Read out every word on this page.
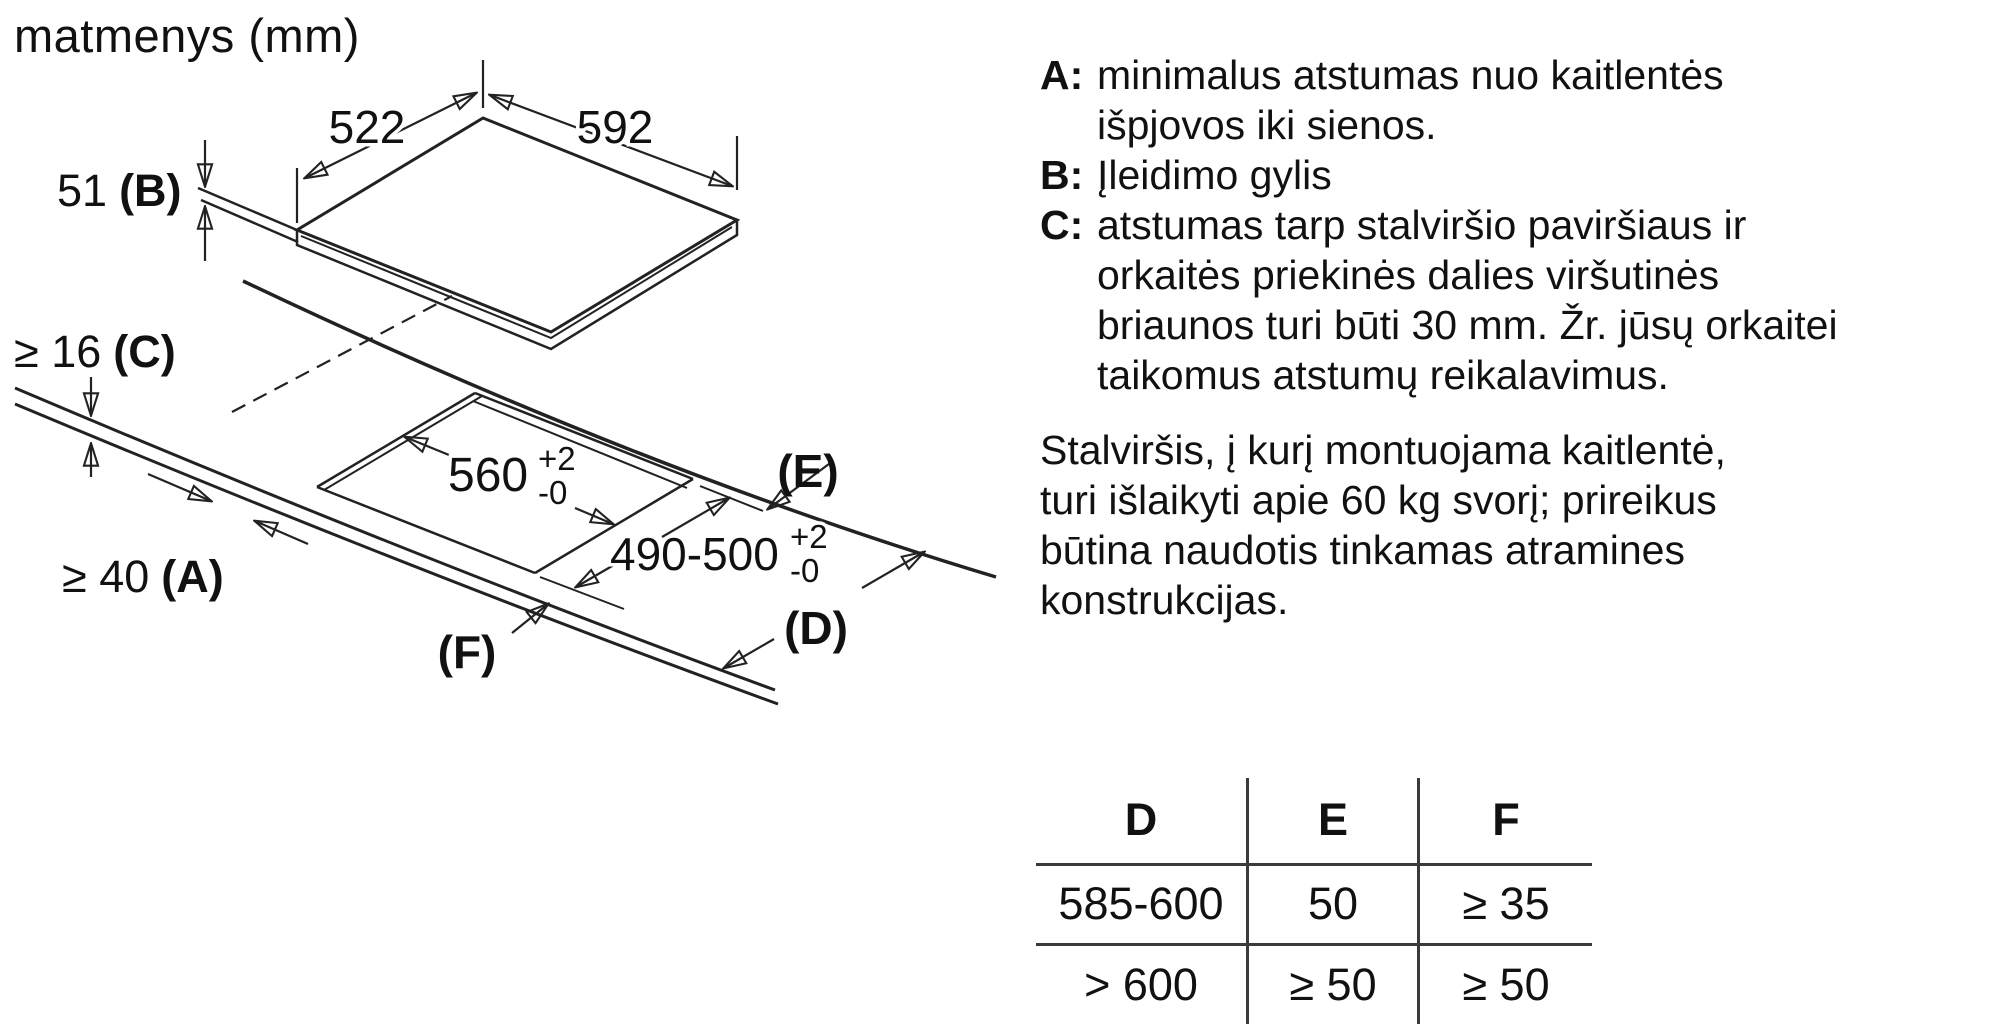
matmenys (mm)
522	592
51 (B)
≥ 16 (C)
≥ 40 (A)
560 +2
-0
490-500 +2
-0
(E)
(D)
(F)
A: minimalus atstumas nuo kaitlentės
išpjovos iki sienos.
B: Įleidimo gylis
C: atstumas tarp stalviršio paviršiaus ir
orkaitės priekinės dalies viršutinės
briaunos turi būti 30 mm. Žr. jūsų orkaitei
taikomus atstumų reikalavimus.
Stalviršis, į kurį montuojama kaitlentė,
turi išlaikyti apie 60 kg svorį; prireikus
būtina naudotis tinkamas atramines
konstrukcijas.
D	E	F
585-600	50	≥ 35
> 600	≥ 50	≥ 50
